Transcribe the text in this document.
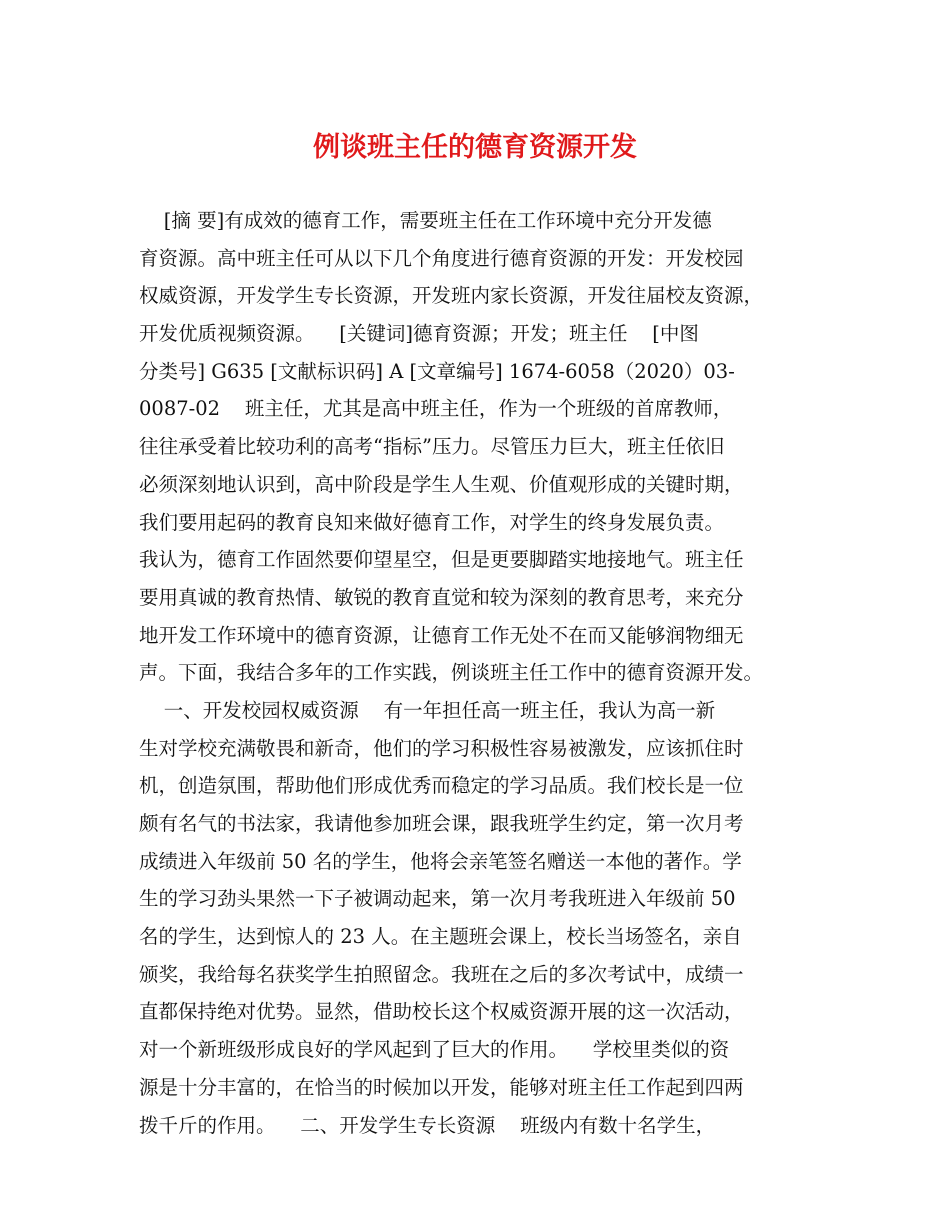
例谈班主任的德育资源开发
[摘 要]有成效的德育工作，需要班主任在工作环境中充分开发德
育资源。高中班主任可从以下几个角度进行德育资源的开发：开发校园
权威资源，开发学生专长资源，开发班内家长资源，开发往届校友资源，
开发优质视频资源。    [关键词]德育资源；开发；班主任    [中图
分类号] G635 [文献标识码] A [文章编号] 1674-6058（2020）03-
0087-02    班主任，尤其是高中班主任，作为一个班级的首席教师，
往往承受着比较功利的高考“指标”压力。尽管压力巨大，班主任依旧
必须深刻地认识到，高中阶段是学生人生观、价值观形成的关键时期，
我们要用起码的教育良知来做好德育工作，对学生的终身发展负责。
我认为，德育工作固然要仰望星空，但是更要脚踏实地接地气。班主任
要用真诚的教育热情、敏锐的教育直觉和较为深刻的教育思考，来充分
地开发工作环境中的德育资源，让德育工作无处不在而又能够润物细无
声。下面，我结合多年的工作实践，例谈班主任工作中的德育资源开发。
一、开发校园权威资源    有一年担任高一班主任，我认为高一新
生对学校充满敬畏和新奇，他们的学习积极性容易被激发，应该抓住时
机，创造氛围，帮助他们形成优秀而稳定的学习品质。我们校长是一位
颇有名气的书法家，我请他参加班会课，跟我班学生约定，第一次月考
成绩进入年级前 50 名的学生，他将会亲笔签名赠送一本他的著作。学
生的学习劲头果然一下子被调动起来，第一次月考我班进入年级前 50
名的学生，达到惊人的 23 人。在主题班会课上，校长当场签名，亲自
颁奖，我给每名获奖学生拍照留念。我班在之后的多次考试中，成绩一
直都保持绝对优势。显然，借助校长这个权威资源开展的这一次活动，
对一个新班级形成良好的学风起到了巨大的作用。    学校里类似的资
源是十分丰富的，在恰当的时候加以开发，能够对班主任工作起到四两
拨千斤的作用。    二、开发学生专长资源    班级内有数十名学生，
